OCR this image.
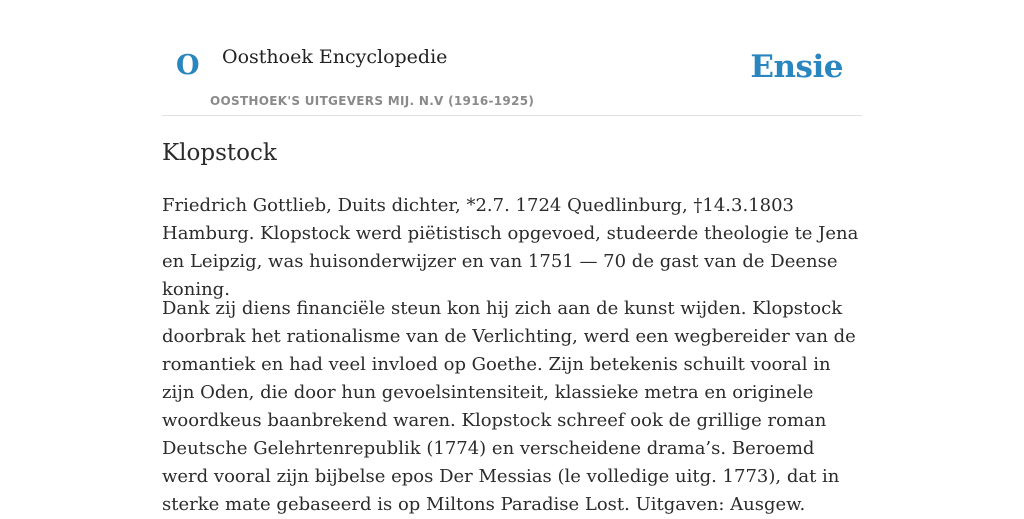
O Oosthoek Encyclopedie
OOSTHOEK'S UITGEVERS MIJ. N.V (1916-1925)
Ensie
Klopstock

Friedrich Gottlieb, Duits dichter, *2.7. 1724 Quedlinburg, †14.3.1803 Hamburg. Klopstock werd piëtistisch opgevoed, studeerde theologie te Jena en Leipzig, was huisonderwijzer en van 1751 — 70 de gast van de Deense koning.

Dank zij diens financiële steun kon hij zich aan de kunst wijden. Klopstock doorbrak het rationalisme van de Verlichting, werd een wegbereider van de romantiek en had veel invloed op Goethe. Zijn betekenis schuilt vooral in zijn Oden, die door hun gevoelsintensiteit, klassieke metra en originele woordkeus baanbrekend waren. Klopstock schreef ook de grillige roman Deutsche Gelehrtenrepublik (1774) en verscheidene drama’s. Beroemd werd vooral zijn bijbelse epos Der Messias (le volledige uitg. 1773), dat in sterke mate gebaseerd is op Miltons Paradise Lost. Uitgaven: Ausgew.
